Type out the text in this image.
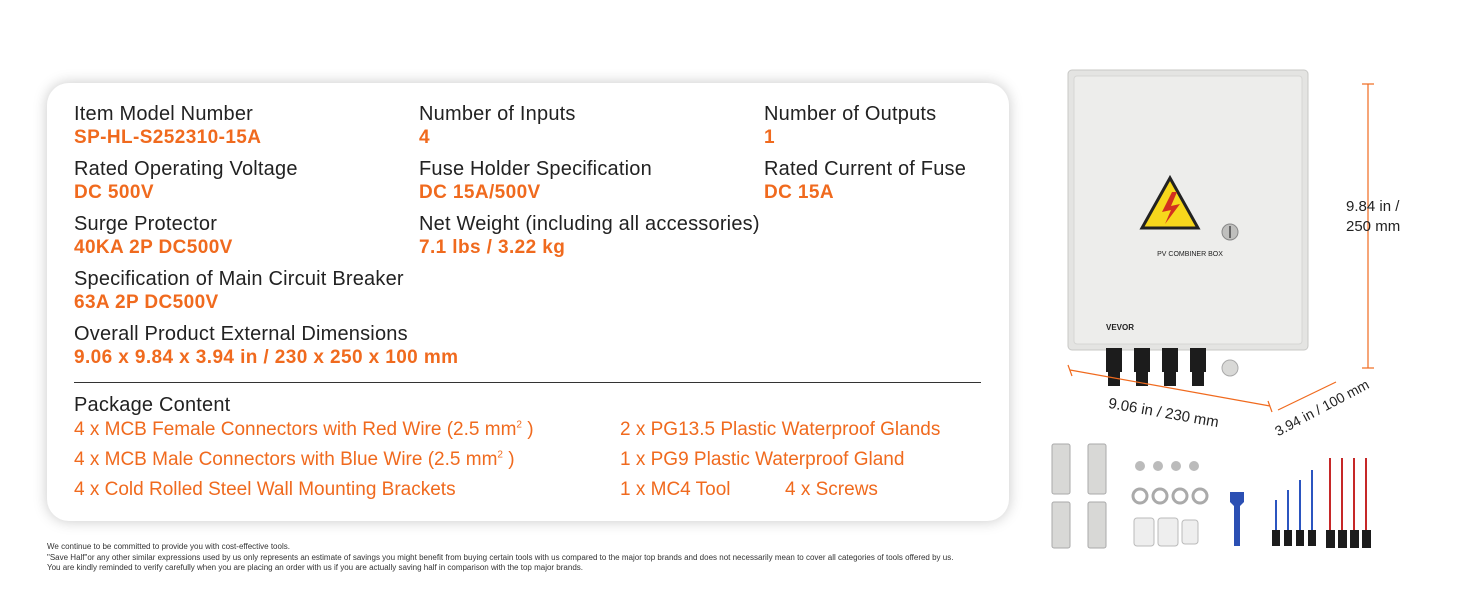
Item Model Number
SP-HL-S252310-15A
Number of Inputs
4
Number of Outputs
1
Rated Operating Voltage
DC 500V
Fuse Holder Specification
DC 15A/500V
Rated Current of Fuse
DC 15A
Surge Protector
40KA 2P DC500V
Net Weight (including all accessories)
7.1 lbs / 3.22 kg
Specification of Main Circuit Breaker
63A 2P DC500V
Overall Product External Dimensions
9.06 x 9.84 x 3.94 in / 230 x 250 x 100 mm
Package Content
4 x MCB Female Connectors with Red Wire (2.5 $mm^2$ )
4 x MCB Male Connectors with Blue Wire (2.5 $mm^2$ )
4 x Cold Rolled Steel Wall Mounting Brackets
2 x PG13.5 Plastic Waterproof Glands
1 x PG9 Plastic Waterproof Gland
1 x MC4 Tool	4 x Screws
We continue to be committed to provide you with cost-effective tools.
"Save Half"or any other similar expressions used by us only represents an estimate of savings you might benefit from buying certain tools with us compared to the major top brands and does not necessarily mean to cover all categories of tools offered by us.
You are kindly reminded to verify carefully when you are placing an order with us if you are actually saving half in comparison with the top major brands.
PV COMBINER BOX
VEVOR
9.84 in /
250 mm
9.06 in / 230 mm	3.94 in / 100 mm
